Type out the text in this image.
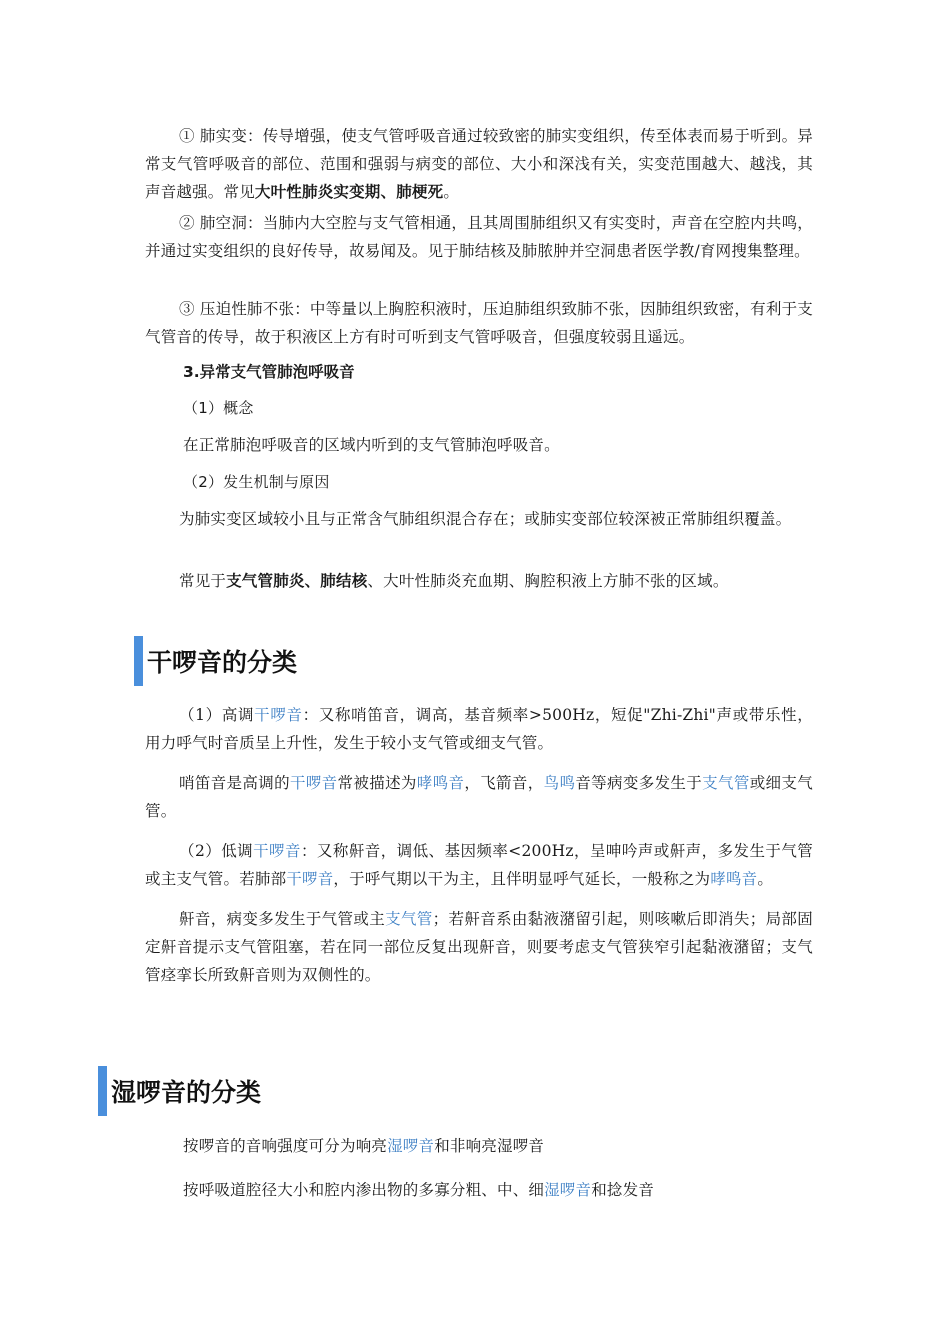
① 肺实变：传导增强，使支气管呼吸音通过较致密的肺实变组织，传至体表而易于听到。异常支气管呼吸音的部位、范围和强弱与病变的部位、大小和深浅有关，实变范围越大、越浅，其声音越强。常见大叶性肺炎实变期、肺梗死。

② 肺空洞：当肺内大空腔与支气管相通，且其周围肺组织又有实变时，声音在空腔内共鸣，并通过实变组织的良好传导，故易闻及。见于肺结核及肺脓肿并空洞患者医学教/育网搜集整理。

③ 压迫性肺不张：中等量以上胸腔积液时，压迫肺组织致肺不张，因肺组织致密，有利于支气管音的传导，故于积液区上方有时可听到支气管呼吸音，但强度较弱且遥远。

3.异常支气管肺泡呼吸音

（1）概念

在正常肺泡呼吸音的区域内听到的支气管肺泡呼吸音。

（2）发生机制与原因

为肺实变区域较小且与正常含气肺组织混合存在；或肺实变部位较深被正常肺组织覆盖。

常见于支气管肺炎、肺结核、大叶性肺炎充血期、胸腔积液上方肺不张的区域。

干啰音的分类

（1）高调干啰音：又称哨笛音，调高，基音频率>500Hz，短促"Zhi-Zhi"声或带乐性，用力呼气时音质呈上升性，发生于较小支气管或细支气管。

哨笛音是高调的干啰音常被描述为哮鸣音，飞箭音，鸟鸣音等病变多发生于支气管或细支气管。

（2）低调干啰音：又称鼾音，调低、基因频率<200Hz，呈呻吟声或鼾声，多发生于气管或主支气管。若肺部干啰音，于呼气期以干为主，且伴明显呼气延长，一般称之为哮鸣音。

鼾音，病变多发生于气管或主支气管；若鼾音系由黏液潴留引起，则咳嗽后即消失；局部固定鼾音提示支气管阻塞，若在同一部位反复出现鼾音，则要考虑支气管狭窄引起黏液潴留；支气管痉挛长所致鼾音则为双侧性的。

湿啰音的分类

按啰音的音响强度可分为响亮湿啰音和非响亮湿啰音

按呼吸道腔径大小和腔内渗出物的多寡分粗、中、细湿啰音和捻发音
